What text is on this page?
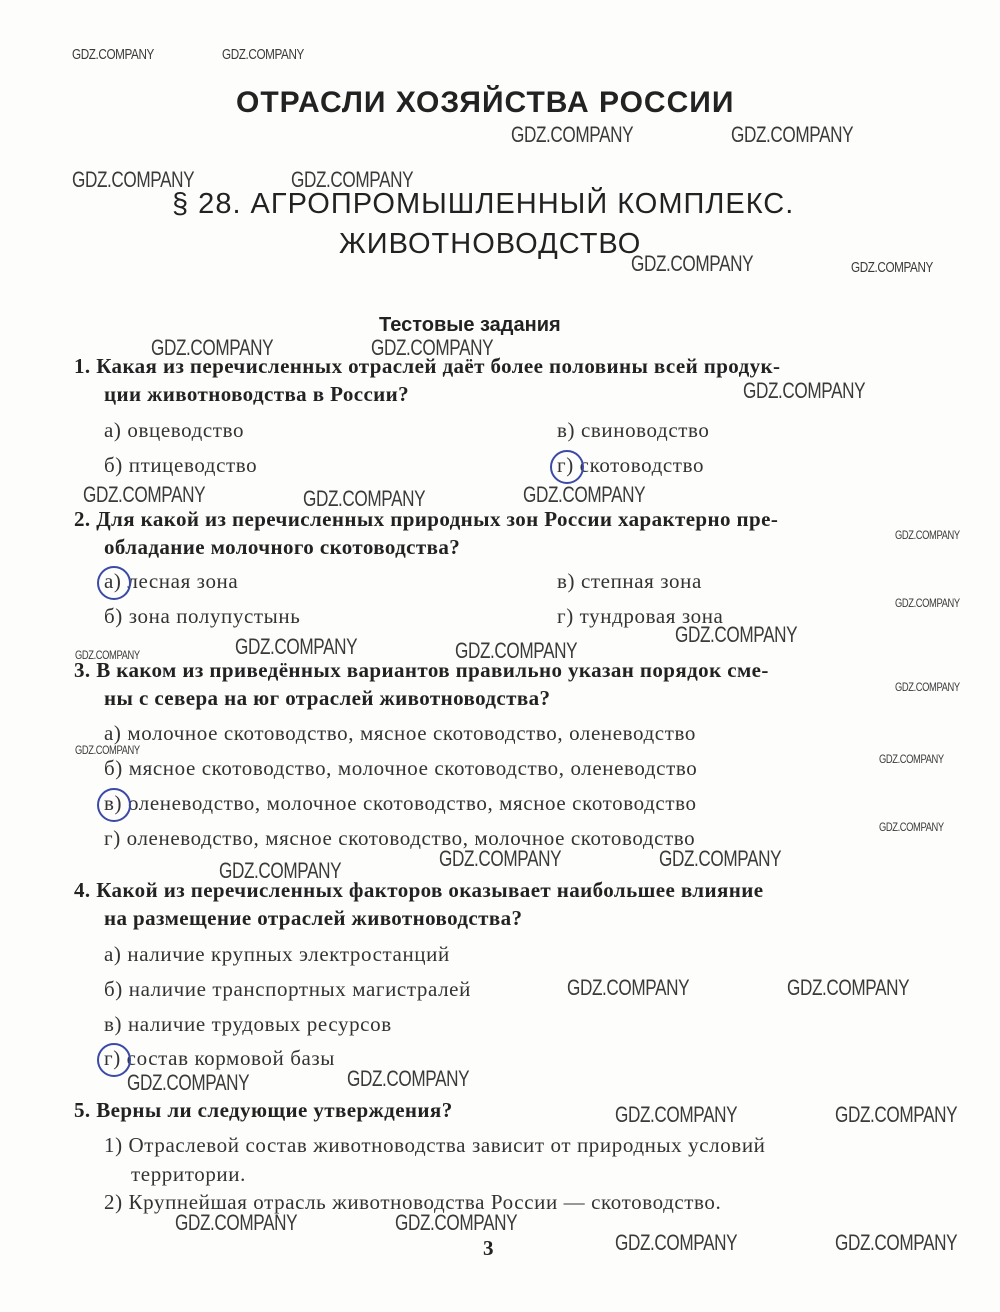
GDZ.COMPANY	GDZ.COMPANY
GDZ.COMPANY	GDZ.COMPANY
GDZ.COMPANY	GDZ.COMPANY
GDZ.COMPANY	GDZ.COMPANY
GDZ.COMPANY	GDZ.COMPANY
GDZ.COMPANY
GDZ.COMPANY	GDZ.COMPANY	GDZ.COMPANY
GDZ.COMPANY
GDZ.COMPANY
GDZ.COMPANY
GDZ.COMPANY	GDZ.COMPANY	GDZ.COMPANY
GDZ.COMPANY
GDZ.COMPANY
GDZ.COMPANY
GDZ.COMPANY
GDZ.COMPANY	GDZ.COMPANY
GDZ.COMPANY
GDZ.COMPANY	GDZ.COMPANY
GDZ.COMPANY	GDZ.COMPANY
GDZ.COMPANY	GDZ.COMPANY
GDZ.COMPANY	GDZ.COMPANY
GDZ.COMPANY	GDZ.COMPANY
ОТРАСЛИ ХОЗЯЙСТВА РОССИИ
§ 28. АГРОПРОМЫШЛЕННЫЙ КОМПЛЕКС.
ЖИВОТНОВОДСТВО
Тестовые задания
1. Какая из перечисленных отраслей даёт более половины всей продук-
ции животноводства в России?
а) овцеводство	в) свиноводство
б) птицеводство	г) скотоводство
2. Для какой из перечисленных природных зон России характерно пре-
обладание молочного скотоводства?
а) лесная зона	в) степная зона
б) зона полупустынь	г) тундровая зона
3. В каком из приведённых вариантов правильно указан порядок сме-
ны с севера на юг отраслей животноводства?
а) молочное скотоводство, мясное скотоводство, оленеводство
б) мясное скотоводство, молочное скотоводство, оленеводство
в) оленеводство, молочное скотоводство, мясное скотоводство
г) оленеводство, мясное скотоводство, молочное скотоводство
4. Какой из перечисленных факторов оказывает наибольшее влияние
на размещение отраслей животноводства?
а) наличие крупных электростанций
б) наличие транспортных магистралей
в) наличие трудовых ресурсов
г) состав кормовой базы
5. Верны ли следующие утверждения?
1) Отраслевой состав животноводства зависит от природных условий
территории.
2) Крупнейшая отрасль животноводства России — скотоводство.
3
